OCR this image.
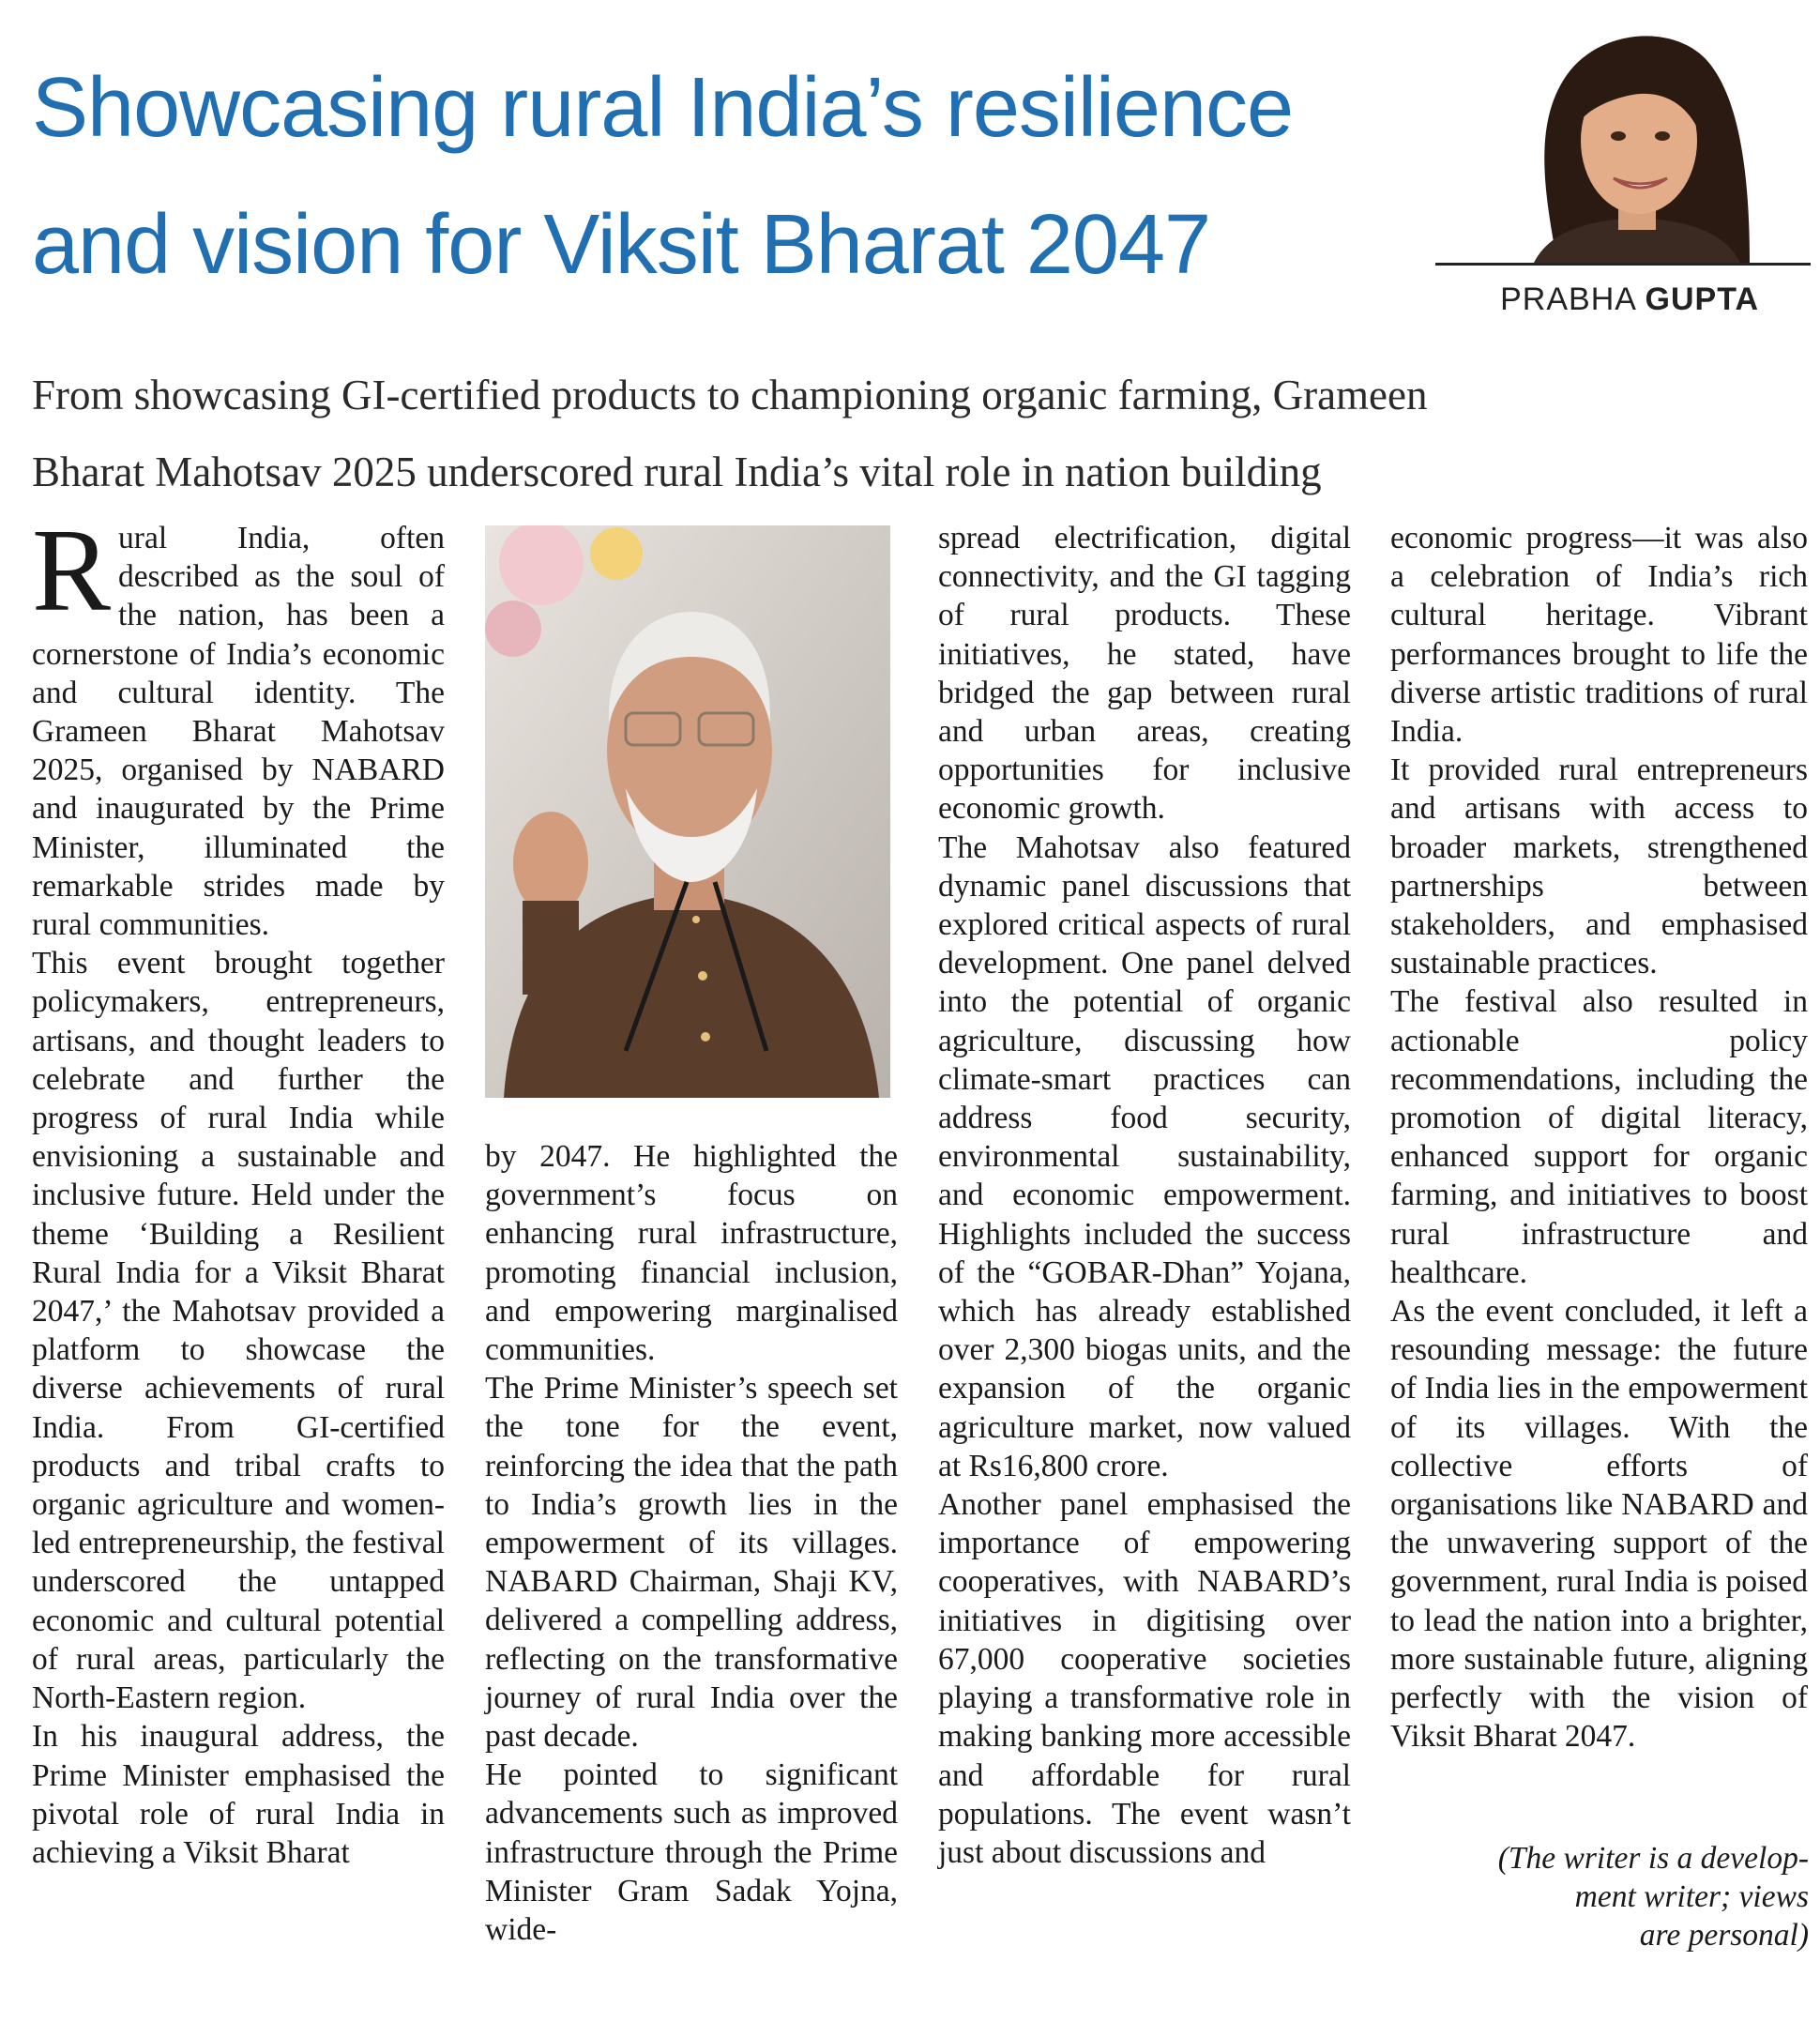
Showcasing rural India’s resilience
and vision for Viksit Bharat 2047
PRABHA GUPTA
From showcasing GI-certified products to championing organic farming, Grameen
Bharat Mahotsav 2025 underscored rural India’s vital role in nation building
R ural India, often described as the soul of the nation, has been a cornerstone of India’s economic and cultural identity. The Grameen Bharat Mahotsav 2025, organised by NABARD and inaugurated by the Prime Minister, illuminated the remarkable strides made by rural communities.

This event brought together policymakers, entrepreneurs, artisans, and thought leaders to celebrate and further the progress of rural India while envisioning a sustainable and inclusive future. Held under the theme ‘Building a Resilient Rural India for a Viksit Bharat 2047,’ the Mahotsav provided a platform to showcase the diverse achievements of rural India. From GI-certified products and tribal crafts to organic agriculture and women-led entrepreneurship, the festival underscored the untapped economic and cultural potential of rural areas, particularly the North-Eastern region.

In his inaugural address, the Prime Minister emphasised the pivotal role of rural India in achieving a Viksit Bharat

by 2047. He highlighted the government’s focus on enhancing rural infrastructure, promoting financial inclusion, and empowering marginalised communities.

The Prime Minister’s speech set the tone for the event, reinforcing the idea that the path to India’s growth lies in the empowerment of its villages. NABARD Chairman, Shaji KV, delivered a compelling address, reflecting on the transformative journey of rural India over the past decade.

He pointed to significant advancements such as improved infrastructure through the Prime Minister Gram Sadak Yojna, wide-

spread electrification, digital connectivity, and the GI tagging of rural products. These initiatives, he stated, have bridged the gap between rural and urban areas, creating opportunities for inclusive economic growth.

The Mahotsav also featured dynamic panel discussions that explored critical aspects of rural development. One panel delved into the potential of organic agriculture, discussing how climate-smart practices can address food security, environmental sustainability, and economic empowerment. Highlights included the success of the “GOBAR-Dhan” Yojana, which has already established over 2,300 biogas units, and the expansion of the organic agriculture market, now valued at Rs16,800 crore.

Another panel emphasised the importance of empowering cooperatives, with NABARD’s initiatives in digitising over 67,000 cooperative societies playing a transformative role in making banking more accessible and affordable for rural populations. The event wasn’t just about discussions and

economic progress—it was also a celebration of India’s rich cultural heritage. Vibrant performances brought to life the diverse artistic traditions of rural India.

It provided rural entrepreneurs and artisans with access to broader markets, strengthened partnerships between stakeholders, and emphasised sustainable practices.

The festival also resulted in actionable policy recommendations, including the promotion of digital literacy, enhanced support for organic farming, and initiatives to boost rural infrastructure and healthcare.

As the event concluded, it left a resounding message: the future of India lies in the empowerment of its villages. With the collective efforts of organisations like NABARD and the unwavering support of the government, rural India is poised to lead the nation into a brighter, more sustainable future, aligning perfectly with the vision of Viksit Bharat 2047.

(The writer is a develop-
ment writer; views
are personal)
